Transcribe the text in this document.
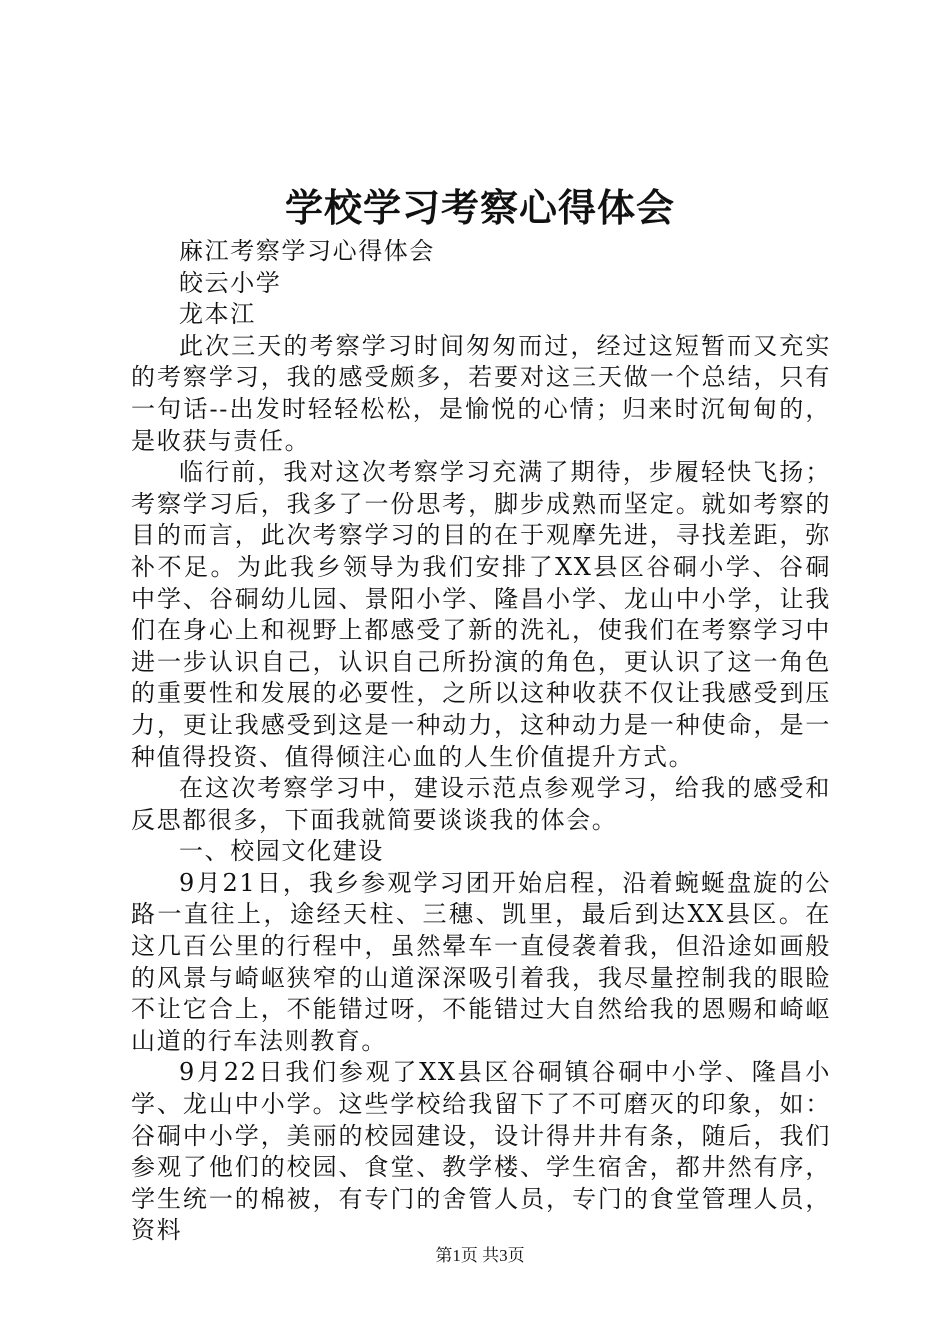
学校学习考察心得体会

麻江考察学习心得体会

皎云小学

龙本江

此次三天的考察学习时间匆匆而过，经过这短暂而又充实的考察学习，我的感受颇多，若要对这三天做一个总结，只有一句话--出发时轻轻松松，是愉悦的心情；归来时沉甸甸的，是收获与责任。

临行前，我对这次考察学习充满了期待，步履轻快飞扬；考察学习后，我多了一份思考，脚步成熟而坚定。就如考察的目的而言，此次考察学习的目的在于观摩先进，寻找差距，弥补不足。为此我乡领导为我们安排了XX县区谷硐小学、谷硐中学、谷硐幼儿园、景阳小学、隆昌小学、龙山中小学，让我们在身心上和视野上都感受了新的洗礼，使我们在考察学习中进一步认识自己，认识自己所扮演的角色，更认识了这一角色的重要性和发展的必要性，之所以这种收获不仅让我感受到压力，更让我感受到这是一种动力，这种动力是一种使命，是一种值得投资、值得倾注心血的人生价值提升方式。

在这次考察学习中，建设示范点参观学习，给我的感受和反思都很多，下面我就简要谈谈我的体会。

一、校园文化建设

9月21日，我乡参观学习团开始启程，沿着蜿蜒盘旋的公路一直往上，途经天柱、三穗、凯里，最后到达XX县区。在这几百公里的行程中，虽然晕车一直侵袭着我，但沿途如画般的风景与崎岖狭窄的山道深深吸引着我，我尽量控制我的眼睑不让它合上，不能错过呀，不能错过大自然给我的恩赐和崎岖山道的行车法则教育。

9月22日我们参观了XX县区谷硐镇谷硐中小学、隆昌小学、龙山中小学。这些学校给我留下了不可磨灭的印象，如：谷硐中小学，美丽的校园建设，设计得井井有条，随后，我们参观了他们的校园、食堂、教学楼、学生宿舍，都井然有序，学生统一的棉被，有专门的舍管人员，专门的食堂管理人员，资料

第1页 共3页
